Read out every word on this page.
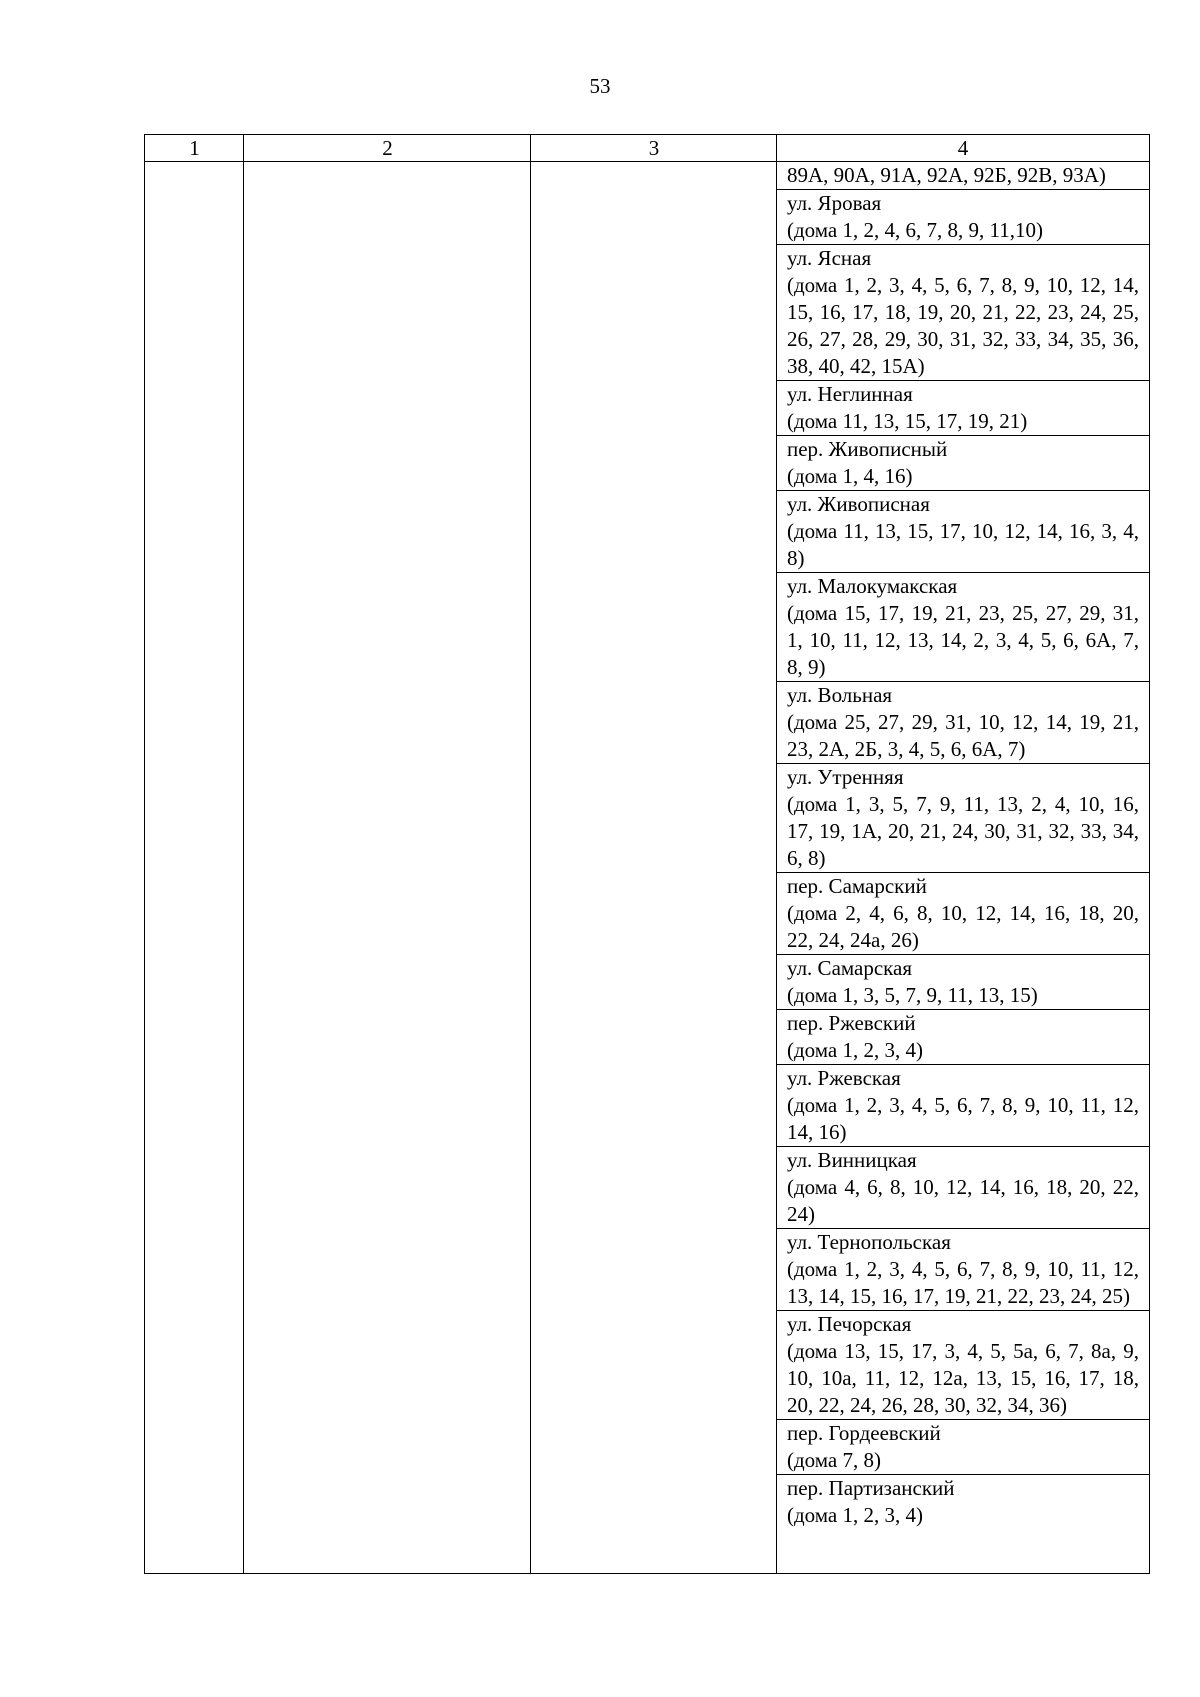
53
1	2	3	4
89А, 90А, 91А, 92А, 92Б, 92В, 93А)
ул. Яровая
(дома 1, 2, 4, 6, 7, 8, 9, 11,10)
ул. Ясная
(дома 1, 2, 3, 4, 5, 6, 7, 8, 9, 10, 12, 14, 15, 16, 17, 18, 19, 20, 21, 22, 23, 24, 25, 26, 27, 28, 29, 30, 31, 32, 33, 34, 35, 36, 38, 40, 42, 15А)
ул. Неглинная
(дома 11, 13, 15, 17, 19, 21)
пер. Живописный
(дома 1, 4, 16)
ул. Живописная
(дома 11, 13, 15, 17, 10, 12, 14, 16, 3, 4, 8)
ул. Малокумакская
(дома 15, 17, 19, 21, 23, 25, 27, 29, 31, 1, 10, 11, 12, 13, 14, 2, 3, 4, 5, 6, 6А, 7, 8, 9)
ул. Вольная
(дома 25, 27, 29, 31, 10, 12, 14, 19, 21, 23, 2А, 2Б, 3, 4, 5, 6, 6А, 7)
ул. Утренняя
(дома 1, 3, 5, 7, 9, 11, 13, 2, 4, 10, 16, 17, 19, 1А, 20, 21, 24, 30, 31, 32, 33, 34, 6, 8)
пер. Самарский
(дома 2, 4, 6, 8, 10, 12, 14, 16, 18, 20, 22, 24, 24а, 26)
ул. Самарская
(дома 1, 3, 5, 7, 9, 11, 13, 15)
пер. Ржевский
(дома 1, 2, 3, 4)
ул. Ржевская
(дома 1, 2, 3, 4, 5, 6, 7, 8, 9, 10, 11, 12, 14, 16)
ул. Винницкая
(дома 4, 6, 8, 10, 12, 14, 16, 18, 20, 22, 24)
ул. Тернопольская
(дома 1, 2, 3, 4, 5, 6, 7, 8, 9, 10, 11, 12, 13, 14, 15, 16, 17, 19, 21, 22, 23, 24, 25)
ул. Печорская
(дома 13, 15, 17, 3, 4, 5, 5а, 6, 7, 8а, 9, 10, 10а, 11, 12, 12а, 13, 15, 16, 17, 18, 20, 22, 24, 26, 28, 30, 32, 34, 36)
пер. Гордеевский
(дома 7, 8)
пер. Партизанский
(дома 1, 2, 3, 4)
